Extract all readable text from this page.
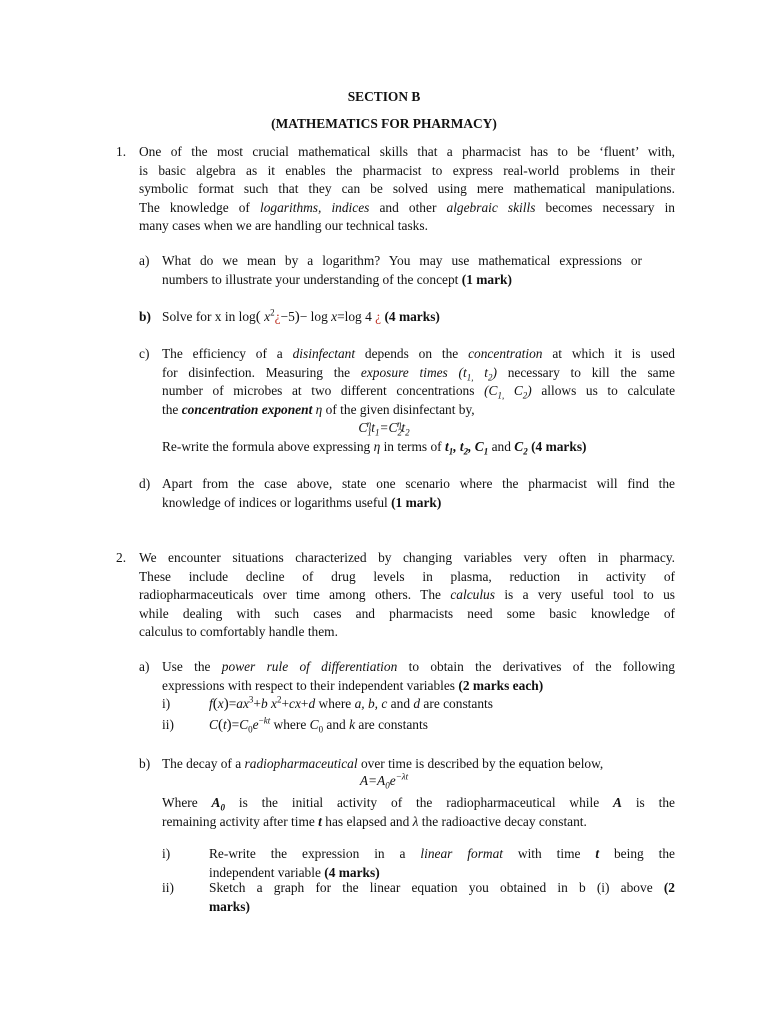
SECTION B
(MATHEMATICS FOR PHARMACY)
1. One of the most crucial mathematical skills that a pharmacist has to be ‘fluent’ with,
is basic algebra as it enables the pharmacist to express real-world problems in their
symbolic format such that they can be solved using mere mathematical manipulations.
The knowledge of logarithms, indices and other algebraic skills becomes necessary in
many cases when we are handling our technical tasks.
a) What do we mean by a logarithm? You may use mathematical expressions or
numbers to illustrate your understanding of the concept (1 mark)
b) Solve for x in log( $x^2¿-5)- \log x=\log$ 4 ¿ (4 marks)
c) The efficiency of a disinfectant depends on the concentration at which it is used
for disinfection. Measuring the exposure times ($t_{1,}$ $t_2$) necessary to kill the same
number of microbes at two different concentrations ($C_{1,}$ $C_2$) allows us to calculate
the concentration exponent η of the given disinfectant by,
$C_1^\eta t_1=C_2^\eta t_2$
Re-write the formula above expressing η in terms of $t_1$, $t_2$, $C_1$ and $C_2$ (4 marks)
d) Apart from the case above, state one scenario where the pharmacist will find the
knowledge of indices or logarithms useful (1 mark)
2. We encounter situations characterized by changing variables very often in pharmacy.
These include decline of drug levels in plasma, reduction in activity of
radiopharmaceuticals over time among others. The calculus is a very useful tool to us
while dealing with such cases and pharmacists need some basic knowledge of
calculus to comfortably handle them.
a) Use the power rule of differentiation to obtain the derivatives of the following
expressions with respect to their independent variables (2 marks each)
i)	$f(x)=ax^3+b$ $x^2+cx+d$ where a, b, c and d are constants
ii)	$C(t)=C_0e^{-kt}$ where $C_0$ and k are constants
b) The decay of a radiopharmaceutical over time is described by the equation below,
$A=A_0e^{-\lambda t}$
Where $A_0$ is the initial activity of the radiopharmaceutical while A is the
remaining activity after time t has elapsed and λ the radioactive decay constant.
i)	Re-write the expression in a linear format with time t being the
independent variable (4 marks)
ii)	Sketch a graph for the linear equation you obtained in b (i) above (2
marks)
